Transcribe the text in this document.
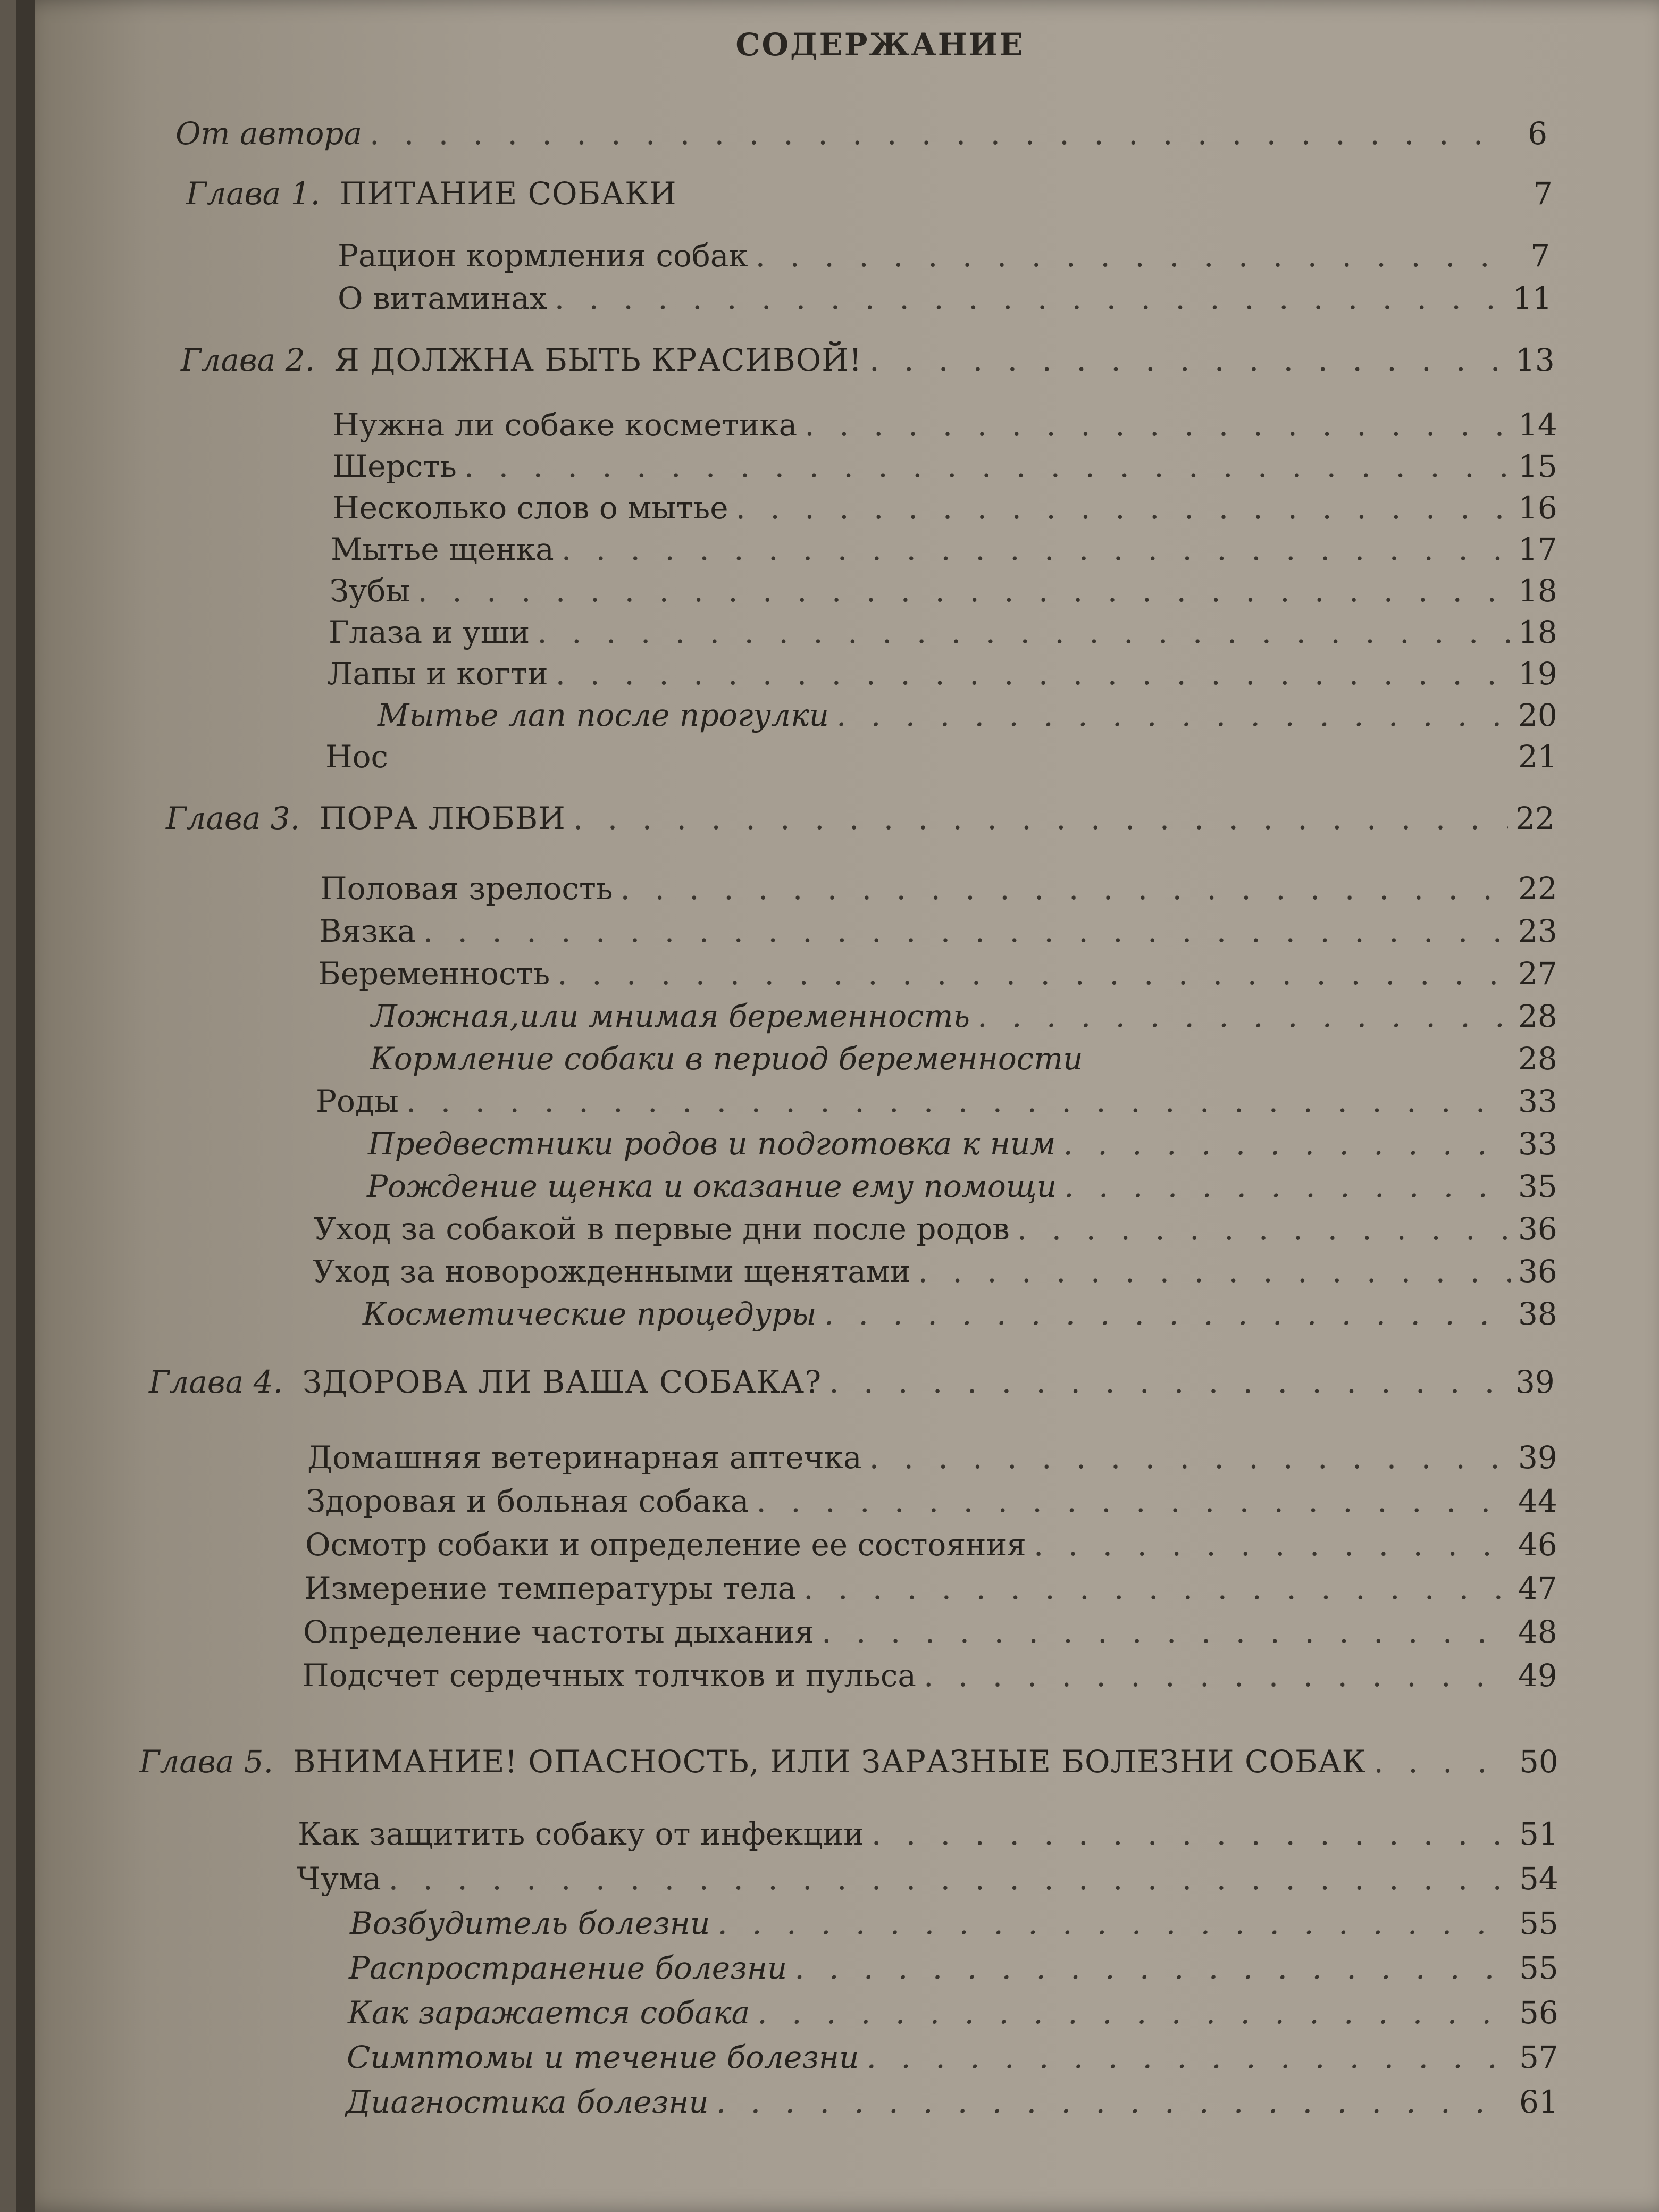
СОДЕРЖАНИЕ
От автора . . .	6
Глава 1. ПИТАНИЕ СОБАКИ	7
Рацион кормления собак . . .	7
О витаминах . . .	11
Глава 2. Я ДОЛЖНА БЫТЬ КРАСИВОЙ! . . .	13
Нужна ли собаке косметика . . .	14
Шерсть . . .	15
Несколько слов о мытье . . .	16
Мытье щенка . . .	17
Зубы . . .	18
Глаза и уши . . .	18
Лапы и когти . . .	19
Мытье лап после прогулки . . .	20
Нос	21
Глава 3. ПОРА ЛЮБВИ . . .	22
Половая зрелость . . .	22
Вязка . . .	23
Беременность . . .	27
Ложная,или мнимая беременность . . .	28
Кормление собаки в период беременности	28
Роды . . .	33
Предвестники родов и подготовка к ним . . .	33
Рождение щенка и оказание ему помощи . . .	35
Уход за собакой в первые дни после родов . . .	36
Уход за новорожденными щенятами . . .	36
Косметические процедуры . . .	38
Глава 4. ЗДОРОВА ЛИ ВАША СОБАКА? . . .	39
Домашняя ветеринарная аптечка . . .	39
Здоровая и больная собака . . .	44
Осмотр собаки и определение ее состояния . . .	46
Измерение температуры тела . . .	47
Определение частоты дыхания . . .	48
Подсчет сердечных толчков и пульса . . .	49
Глава 5. ВНИМАНИЕ! ОПАСНОСТЬ, ИЛИ ЗАРАЗНЫЕ БОЛЕЗНИ СОБАК . . .	50
Как защитить собаку от инфекции . . .	51
Чума . . .	54
Возбудитель болезни . . .	55
Распространение болезни . . .	55
Как заражается собака . . .	56
Симптомы и течение болезни . . .	57
Диагностика болезни . . .	61
